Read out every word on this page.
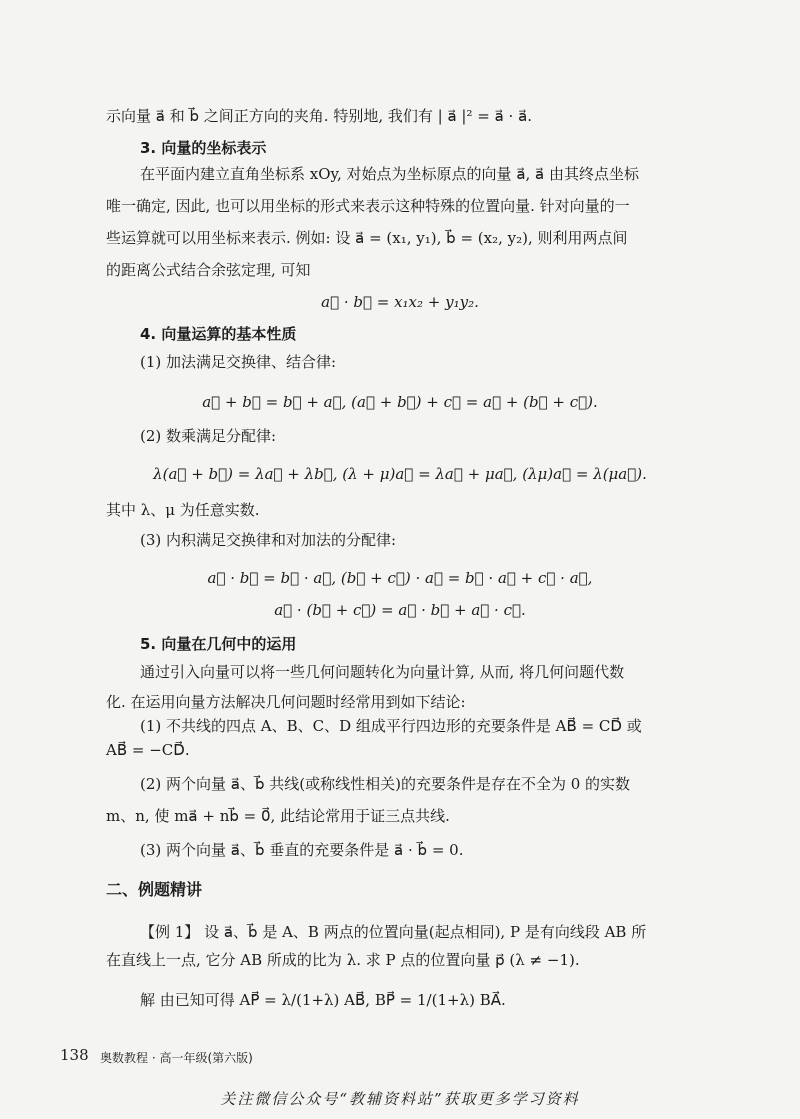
示向量 a⃗ 和 b⃗ 之间正方向的夹角. 特别地, 我们有 | a⃗ |² = a⃗ · a⃗.
3. 向量的坐标表示
在平面内建立直角坐标系 xOy, 对始点为坐标原点的向量 a⃗, a⃗ 由其终点坐标
唯一确定, 因此, 也可以用坐标的形式来表示这种特殊的位置向量. 针对向量的一
些运算就可以用坐标来表示. 例如: 设 a⃗ = (x₁, y₁), b⃗ = (x₂, y₂), 则利用两点间
的距离公式结合余弦定理, 可知
a⃗ · b⃗ = x₁x₂ + y₁y₂.
4. 向量运算的基本性质
(1) 加法满足交换律、结合律:
a⃗ + b⃗ = b⃗ + a⃗, (a⃗ + b⃗) + c⃗ = a⃗ + (b⃗ + c⃗).
(2) 数乘满足分配律:
λ(a⃗ + b⃗) = λa⃗ + λb⃗, (λ + μ)a⃗ = λa⃗ + μa⃗, (λμ)a⃗ = λ(μa⃗).
其中 λ、μ 为任意实数.
(3) 内积满足交换律和对加法的分配律:
a⃗ · b⃗ = b⃗ · a⃗, (b⃗ + c⃗) · a⃗ = b⃗ · a⃗ + c⃗ · a⃗,
a⃗ · (b⃗ + c⃗) = a⃗ · b⃗ + a⃗ · c⃗.
5. 向量在几何中的运用
通过引入向量可以将一些几何问题转化为向量计算, 从而, 将几何问题代数
化. 在运用向量方法解决几何问题时经常用到如下结论:
(1) 不共线的四点 A、B、C、D 组成平行四边形的充要条件是 AB⃗ = CD⃗ 或
AB⃗ = −CD⃗.
(2) 两个向量 a⃗、b⃗ 共线(或称线性相关)的充要条件是存在不全为 0 的实数
m、n, 使 ma⃗ + nb⃗ = 0⃗, 此结论常用于证三点共线.
(3) 两个向量 a⃗、b⃗ 垂直的充要条件是 a⃗ · b⃗ = 0.
二、例题精讲
【例 1】 设 a⃗、b⃗ 是 A、B 两点的位置向量(起点相同), P 是有向线段 AB 所
在直线上一点, 它分 AB 所成的比为 λ. 求 P 点的位置向量 p⃗ (λ ≠ −1).
解 由已知可得 AP⃗ = λ/(1+λ) AB⃗, BP⃗ = 1/(1+λ) BA⃗.
138 奥数教程 · 高一年级(第六版)
关注微信公众号“教辅资料站”获取更多学习资料
